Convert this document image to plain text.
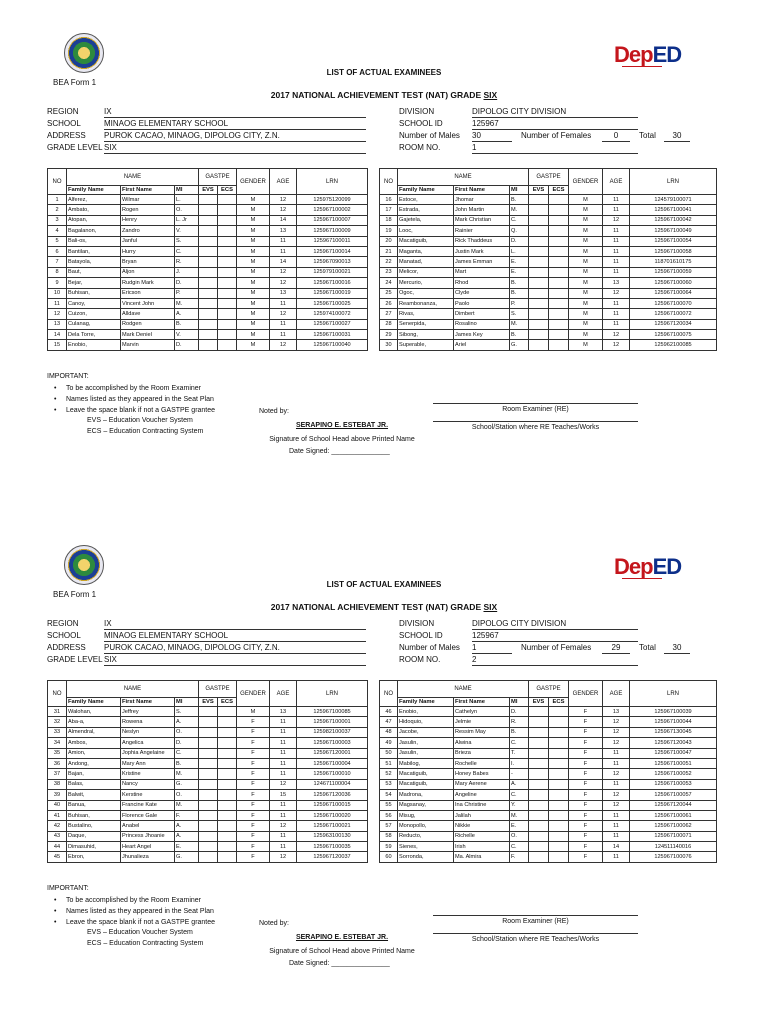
DepED
BEA Form 1
LIST OF ACTUAL EXAMINEES
2017 NATIONAL ACHIEVEMENT TEST (NAT) GRADE SIX
REGION	IX
SCHOOL	MINAOG ELEMENTARY SCHOOL
ADDRESS PUROK CACAO, MINAOG, DIPOLOG CITY, Z.N.
GRADE LEVEL SIX
DIVISION	DIPOLOG CITY DIVISION
SCHOOL ID	125967
Number of Males 30	Number of Females	0	Total	30
ROOM NO.	1
NO	NAME			GASTPE		GENDER	AGE	LRN
	Family Name	First Name	MI	EVS	ECS			
1	Alferez,	Wilmar	L.			M	12	125975120099
2	Ambato,	Rogen	O.			M	12	125967100002
3	Atopan,	Henry	L. Jr			M	14	125967100007
4	Bagalanon,	Zandro	V.			M	13	125967100009
5	Bali-os,	Janful	S.			M	11	125967100011
6	Bantilan,	Hurry	C.			M	11	125967100014
7	Batayola,	Bryan	R.			M	14	125967090013
8	Baut,	Aljon	J.			M	12	125979100021
9	Bejar,	Rudgin Mark	D.			M	12	125967100016
10	Buhisan,	Ericson	P.			M	13	125967100019
11	Canoy,	Vincent John	M.			M	11	125967100025
12	Cuizon,	Alldave	A.			M	12	125974100072
13	Culanag,	Rodgen	B.			M	11	125967100027
14	Dela Torre,	Mark Deniel	V.			M	11	125967100031
15	Enobio,	Marvin	D.			M	12	125967100040
NO	NAME			GASTPE		GENDER	AGE	LRN
	Family Name	First Name	MI	EVS	ECS			
16	Estoce,	Jhomar	B.			M	11	124579100071
17	Estrada,	John Martin	M.			M	11	125967100041
18	Gajetela,	Mark Christian	C.			M	12	125967100042
19	Looc,	Rainier	Q.			M	11	125967100049
20	Macatiguib,	Rick Thaddeus	D.			M	11	125967100054
21	Maganta,	Justin Mark	L.			M	11	125967100058
22	Manatad,	James Emman	E.			M	11	118701610175
23	Melicor,	Mart	E.			M	11	125967100059
24	Mercurio,	Rhod	B.			M	13	125967100060
25	Ogoc,	Clyde	B.			M	12	125967100064
26	Reambonanza,	Paolo	P.			M	11	125967100070
27	Rivas,	Dimbert	S.			M	11	125967100072
28	Senerpida,	Rosalino	M.			M	11	125967120034
29	Sibong,	James Key	B.			M	12	125967100075
30	Superable,	Ariel	G.			M	12	125962100085
IMPORTANT:
• To be accomplished by the Room Examiner
• Names listed as they appeared in the Seat Plan
• Leave the space blank if not a GASTPE grantee
EVS – Education Voucher System
ECS – Education Contracting System
Noted by:
SERAPINO E. ESTEBAT JR.
Signature of School Head above Printed Name
Date Signed: _______________
Room Examiner (RE)
School/Station where RE Teaches/Works
DepED
BEA Form 1
LIST OF ACTUAL EXAMINEES
2017 NATIONAL ACHIEVEMENT TEST (NAT) GRADE SIX
REGION	IX
SCHOOL	MINAOG ELEMENTARY SCHOOL
ADDRESS PUROK CACAO, MINAOG, DIPOLOG CITY, Z.N.
GRADE LEVEL SIX
DIVISION	DIPOLOG CITY DIVISION
SCHOOL ID	125967
Number of Males 1	Number of Females	29	Total	30
ROOM NO.	2
NO	NAME			GASTPE		GENDER	AGE	LRN
	Family Name	First Name	MI	EVS	ECS			
31	Walohan,	Jeffrey	S.			M	13	125967100085
32	Aba-a,	Rowena	A.			F	11	125967100001
33	Almendral,	Neslyn	O.			F	11	125982100037
34	Ambos,	Angelica	D.			F	11	125967100003
35	Amion,	Jophia Angelaine	C.			F	11	125967120001
36	Andong,	Mary Ann	B.			F	11	125967100004
37	Bajan,	Kristine	M.			F	11	125967100010
38	Balas,	Nancy	G.			F	12	124671100004
39	Balwit,	Kerstine	O.			F	15	125967120036
40	Banua,	Francine Kate	M.			F	11	125967100015
41	Buhisan,	Florence Gale	F.			F	11	125967100020
42	Bustalino,	Anabel	A.			F	12	125967100021
43	Daque,	Princess Jhoanie	A.			F	11	125963100130
44	Dimasuhid,	Heart Angel	E.			F	11	125967100035
45	Ebron,	Jhunalieza	G.			F	12	125967120037
NO	NAME			GASTPE		GENDER	AGE	LRN
	Family Name	First Name	MI	EVS	ECS			
46	Enobio,	Cathelyn	D.			F	13	125967100039
47	Hidoquio,	Jelmie	R.			F	12	125967100044
48	Jacobe,	Ressim May	B.			F	12	125967130045
49	Jasulin,	Alwina	C.			F	12	125967120043
50	Jasulin,	Brieza	T.			F	11	125967100047
51	Mabilog,	Rochelle	I.			F	11	125967100051
52	Macatiguib,	Honey Babes	-			F	12	125967100052
53	Macatiguib,	Mary Aerene	A.			F	11	125967100053
54	Madrona,	Angeline	C.			F	12	125967100057
55	Magsanay,	Ina Christine	Y.			F	12	125967120044
56	Misug,	Jalilah	M.			F	11	125967100061
57	Monopollo,	Nikkie	E.			F	11	125967100062
58	Reducto,	Richelle	O.			F	11	125967100071
59	Sienes,	Irish	C.			F	14	124511140016
60	Sorronda,	Ma. Almira	F.			F	11	125967100076
IMPORTANT:
• To be accomplished by the Room Examiner
• Names listed as they appeared in the Seat Plan
• Leave the space blank if not a GASTPE grantee
EVS – Education Voucher System
ECS – Education Contracting System
Noted by:
SERAPINO E. ESTEBAT JR.
Signature of School Head above Printed Name
Date Signed: _______________
Room Examiner (RE)
School/Station where RE Teaches/Works
